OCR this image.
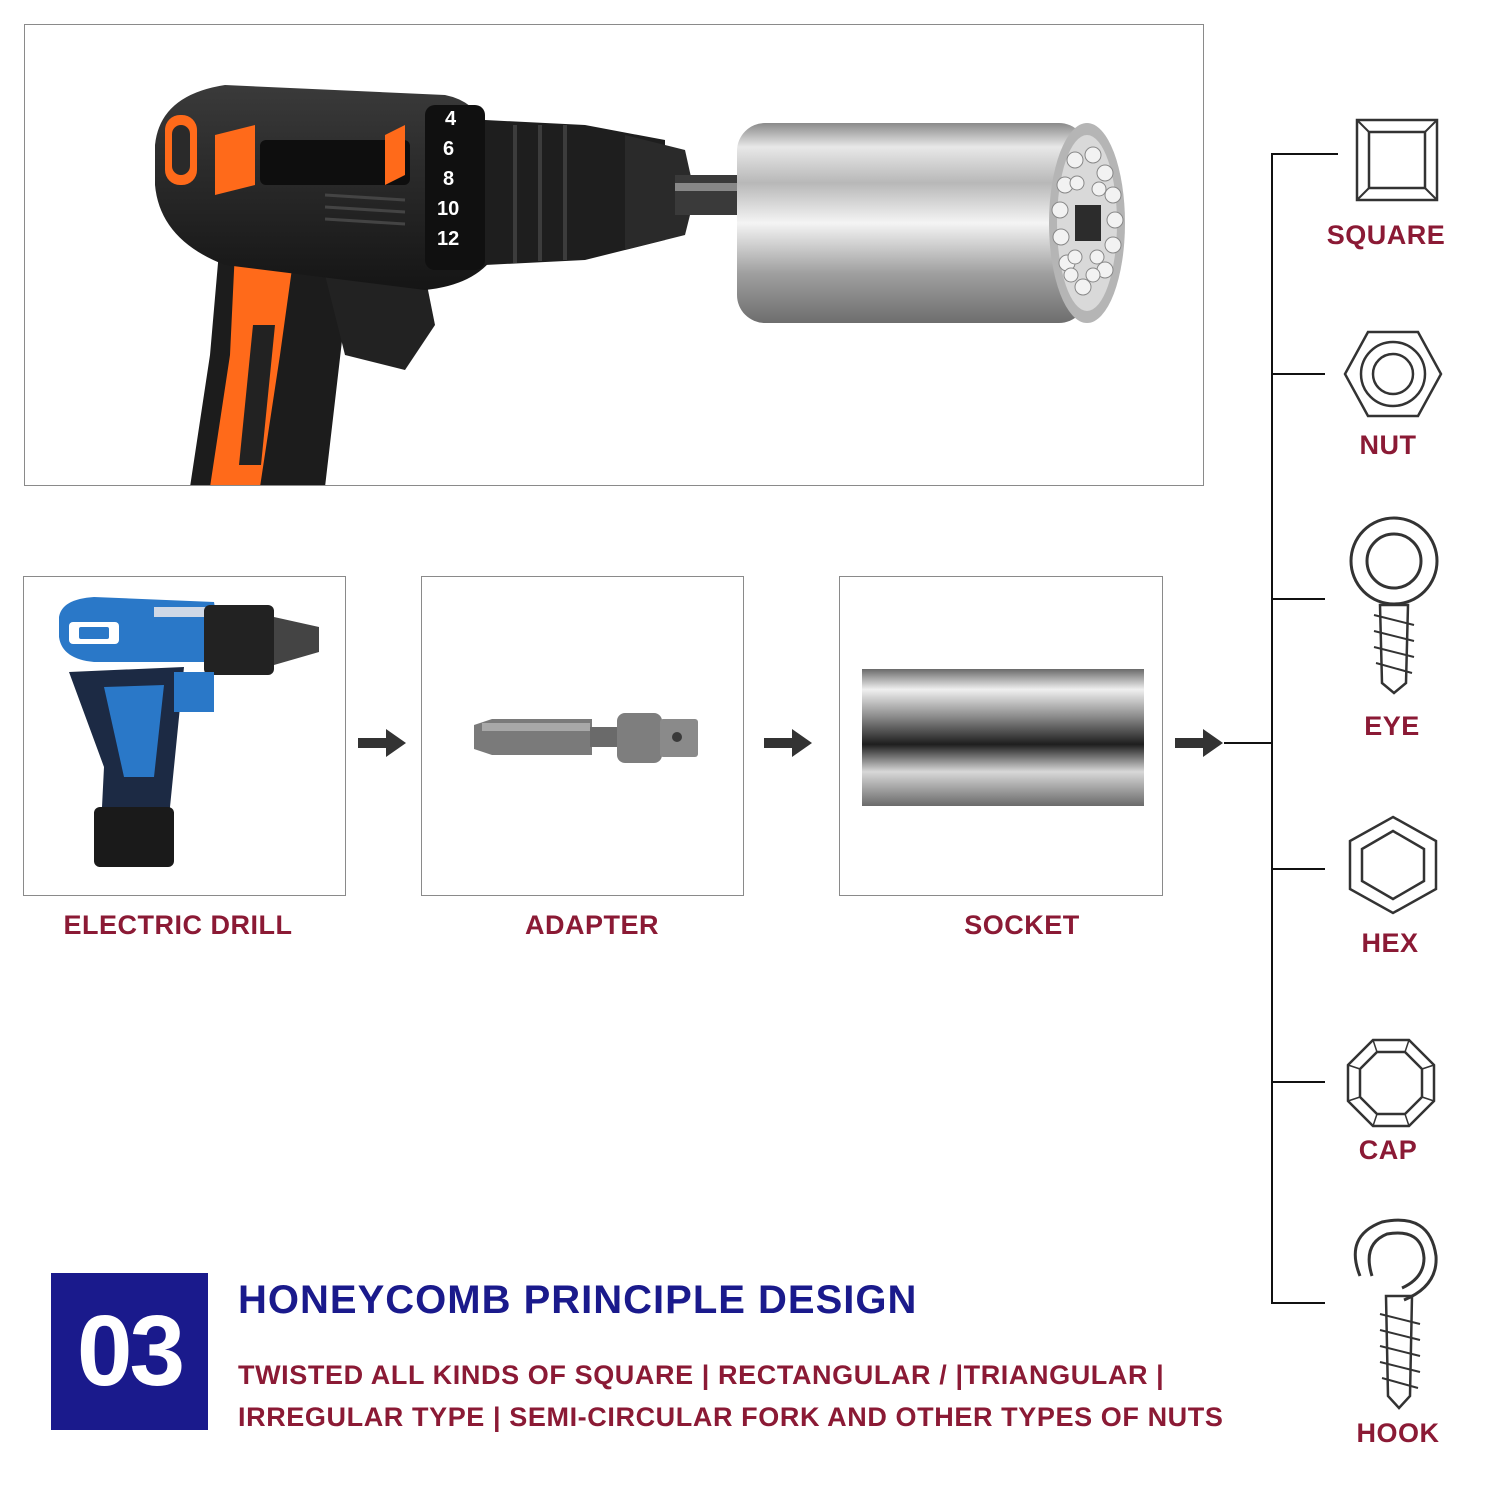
4
6
8
10
12
ELECTRIC DRILL	ADAPTER	SOCKET
SQUARE
NUT
EYE
HEX
CAP
HOOK
03	HONEYCOMB PRINCIPLE DESIGN
TWISTED ALL KINDS OF SQUARE | RECTANGULAR / |TRIANGULAR |
IRREGULAR TYPE | SEMI-CIRCULAR FORK AND OTHER TYPES OF NUTS
